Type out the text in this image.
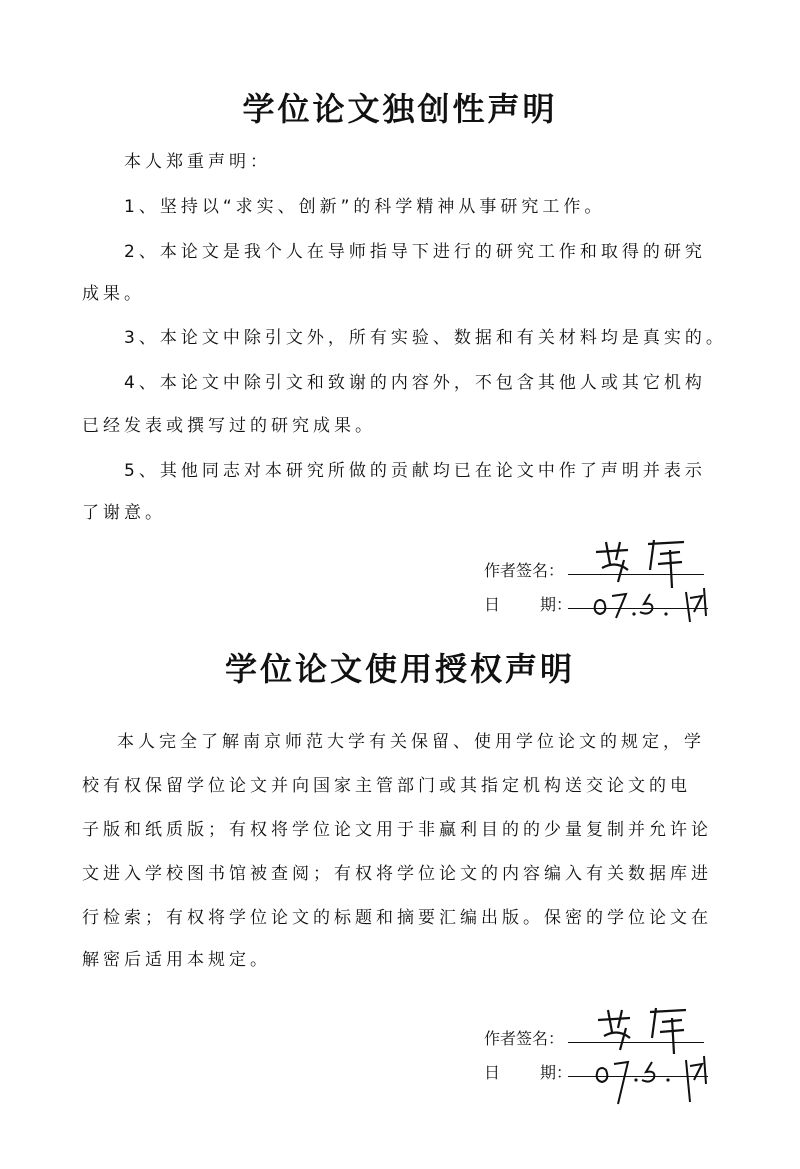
学位论文独创性声明

本人郑重声明：

1、坚持以“求实、创新”的科学精神从事研究工作。

2、本论文是我个人在导师指导下进行的研究工作和取得的研究

成果。

3、本论文中除引文外，所有实验、数据和有关材料均是真实的。

4、本论文中除引文和致谢的内容外，不包含其他人或其它机构

已经发表或撰写过的研究成果。

5、其他同志对本研究所做的贡献均已在论文中作了声明并表示

了谢意。

作者签名：
日	期：
学位论文使用授权声明

本人完全了解南京师范大学有关保留、使用学位论文的规定，学

校有权保留学位论文并向国家主管部门或其指定机构送交论文的电

子版和纸质版；有权将学位论文用于非赢利目的的少量复制并允许论

文进入学校图书馆被查阅；有权将学位论文的内容编入有关数据库进

行检索；有权将学位论文的标题和摘要汇编出版。保密的学位论文在

解密后适用本规定。

作者签名：
日	期：
